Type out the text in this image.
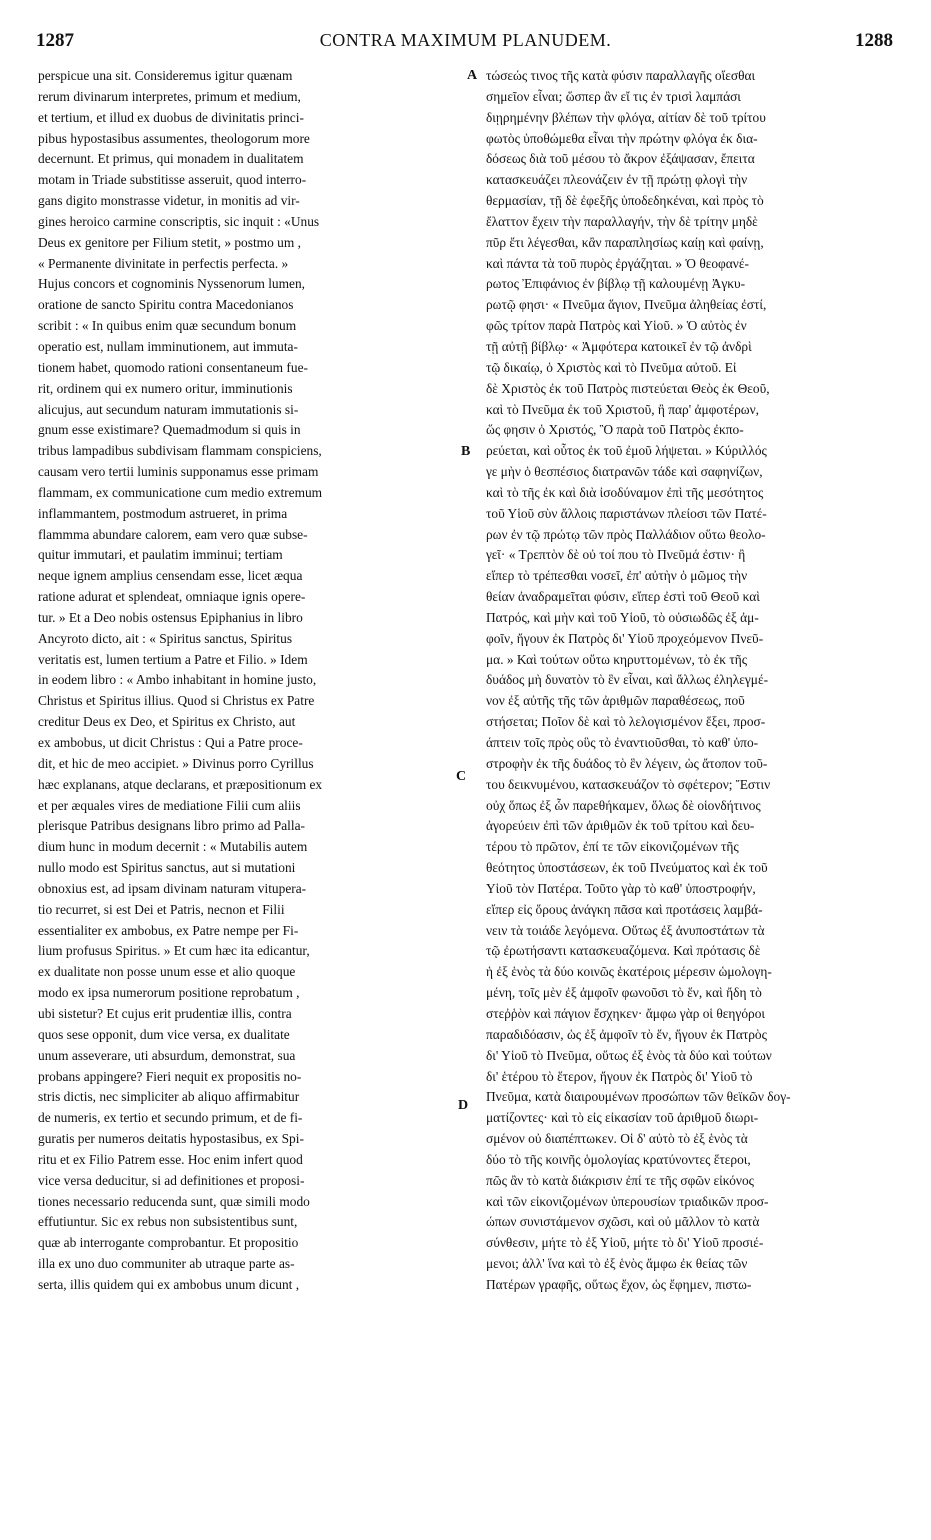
1287	CONTRA MAXIMUM PLANUDEM.	1288
A
B
C
D
perspicue una sit. Consideremus igitur quænam
rerum divinarum interpretes, primum et medium,
et tertium, et illud ex duobus de divinitatis princi-
pibus hypostasibus assumentes, theologorum more
decernunt. Et primus, qui monadem in dualitatem
motam in Triade substitisse asseruit, quod interro-
gans digito monstrasse videtur, in monitis ad vir-
gines heroico carmine conscriptis, sic inquit : «Unus
Deus ex genitore per Filium stetit, » postmo um ,
« Permanente divinitate in perfectis perfecta. »
Hujus concors et cognominis Nyssenorum lumen,
oratione de sancto Spiritu contra Macedonianos
scribit : « In quibus enim quæ secundum bonum
operatio est, nullam imminutionem, aut immuta-
tionem habet, quomodo rationi consentaneum fue-
rit, ordinem qui ex numero oritur, imminutionis
alicujus, aut secundum naturam immutationis si-
gnum esse existimare? Quemadmodum si quis in
tribus lampadibus subdivisam flammam conspiciens,
causam vero tertii luminis supponamus esse primam
flammam, ex communicatione cum medio extremum
inflammantem, postmodum astrueret, in prima
flammma abundare calorem, eam vero quæ subse-
quitur immutari, et paulatim imminui; tertiam
neque ignem amplius censendam esse, licet æqua
ratione adurat et splendeat, omniaque ignis opere-
tur. » Et a Deo nobis ostensus Epiphanius in libro
Ancyroto dicto, ait : « Spiritus sanctus, Spiritus
veritatis est, lumen tertium a Patre et Filio. » Idem
in eodem libro : « Ambo inhabitant in homine justo,
Christus et Spiritus illius. Quod si Christus ex Patre
creditur Deus ex Deo, et Spiritus ex Christo, aut
ex ambobus, ut dicit Christus : Qui a Patre proce-
dit, et hic de meo accipiet. » Divinus porro Cyrillus
hæc explanans, atque declarans, et præpositionum ex
et per æquales vires de mediatione Filii cum aliis
plerisque Patribus designans libro primo ad Palla-
dium hunc in modum decernit : « Mutabilis autem
nullo modo est Spiritus sanctus, aut si mutationi
obnoxius est, ad ipsam divinam naturam vitupera-
tio recurret, si est Dei et Patris, necnon et Filii
essentialiter ex ambobus, ex Patre nempe per Fi-
lium profusus Spiritus. » Et cum hæc ita edicantur,
ex dualitate non posse unum esse et alio quoque
modo ex ipsa numerorum positione reprobatum ,
ubi sistetur? Et cujus erit prudentiæ illis, contra
quos sese opponit, dum vice versa, ex dualitate
unum asseverare, uti absurdum, demonstrat, sua
probans appingere? Fieri nequit ex propositis no-
stris dictis, nec simpliciter ab aliquo affirmabitur
de numeris, ex tertio et secundo primum, et de fi-
guratis per numeros deitatis hypostasibus, ex Spi-
ritu et ex Filio Patrem esse. Hoc enim infert quod
vice versa deducitur, si ad definitiones et proposi-
tiones necessario reducenda sunt, quæ simili modo
effutiuntur. Sic ex rebus non subsistentibus sunt,
quæ ab interrogante comprobantur. Et propositio
illa ex uno duo communiter ab utraque parte as-
serta, illis quidem qui ex ambobus unum dicunt ,
τώσεώς τινος τῆς κατὰ φύσιν παραλλαγῆς οἴεσθαι
σημεῖον εἶναι; ὥσπερ ἂν εἴ τις ἐν τρισὶ λαμπάσι
διῃρημένην βλέπων τὴν φλόγα, αἰτίαν δὲ τοῦ τρίτου
φωτὸς ὑποθώμεθα εἶναι τὴν πρώτην φλόγα ἐκ δια-
δόσεως διὰ τοῦ μέσου τὸ ἄκρον ἐξάψασαν, ἔπειτα
κατασκευάζει πλεονάζειν ἐν τῇ πρώτῃ φλογὶ τὴν
θερμασίαν, τῇ δὲ ἐφεξῆς ὑποδεδηκέναι, καὶ πρὸς τὸ
ἔλαττον ἔχειν τὴν παραλλαγήν, τὴν δὲ τρίτην μηδὲ
πῦρ ἔτι λέγεσθαι, κἂν παραπλησίως καίῃ καὶ φαίνῃ,
καὶ πάντα τὰ τοῦ πυρὸς ἐργάζηται. » Ὁ θεοφανέ-
ρωτος Ἐπιφάνιος ἐν βίβλῳ τῇ καλουμένῃ Ἀγκυ-
ρωτῷ φησι· « Πνεῦμα ἅγιον, Πνεῦμα ἀληθείας ἐστί,
φῶς τρίτον παρὰ Πατρὸς καὶ Υἱοῦ. » Ὁ αὐτὸς ἐν
τῇ αὐτῇ βίβλῳ· « Ἀμφότερα κατοικεῖ ἐν τῷ ἀνδρὶ
τῷ δικαίῳ, ὁ Χριστὸς καὶ τὸ Πνεῦμα αὐτοῦ. Εἰ
δὲ Χριστὸς ἐκ τοῦ Πατρὸς πιστεύεται Θεὸς ἐκ Θεοῦ,
καὶ τὸ Πνεῦμα ἐκ τοῦ Χριστοῦ, ἢ παρ' ἀμφοτέρων,
ὥς φησιν ὁ Χριστός, Ὃ παρὰ τοῦ Πατρὸς ἐκπο-
ρεύεται, καὶ οὗτος ἐκ τοῦ ἐμοῦ λήψεται. » Κύριλλός
γε μὴν ὁ θεσπέσιος διατρανῶν τάδε καὶ σαφηνίζων,
καὶ τὸ τῆς ἐκ καὶ διὰ ἰσοδύναμον ἐπὶ τῆς μεσότητος
τοῦ Υἱοῦ σὺν ἄλλοις παριστάνων πλείοσι τῶν Πατέ-
ρων ἐν τῷ πρώτῳ τῶν πρὸς Παλλάδιον οὕτω θεολο-
γεῖ· « Τρεπτὸν δὲ οὐ τοί που τὸ Πνεῦμά ἐστιν· ἢ
εἴπερ τὸ τρέπεσθαι νοσεῖ, ἐπ' αὐτὴν ὁ μῶμος τὴν
θείαν ἀναδραμεῖται φύσιν, εἴπερ ἐστὶ τοῦ Θεοῦ καὶ
Πατρός, καὶ μὴν καὶ τοῦ Υἱοῦ, τὸ οὐσιωδῶς ἐξ ἀμ-
φοῖν, ἤγουν ἐκ Πατρὸς δι' Υἱοῦ προχεόμενον Πνεῦ-
μα. » Καὶ τούτων οὕτω κηρυττομένων, τὸ ἐκ τῆς
δυάδος μὴ δυνατὸν τὸ ἓν εἶναι, καὶ ἄλλως ἐληλεγμέ-
νον ἐξ αὐτῆς τῆς τῶν ἀριθμῶν παραθέσεως, ποῦ
στήσεται; Ποῖον δὲ καὶ τὸ λελογισμένον ἕξει, προσ-
άπτειν τοῖς πρὸς οὓς τὸ ἐναντιοῦσθαι, τὸ καθ' ὑπο-
στροφὴν ἐκ τῆς δυάδος τὸ ἓν λέγειν, ὡς ἄτοπον τοῦ-
του δεικνυμένου, κατασκευάζον τὸ σφέτερον; Ἔστιν
οὐχ ὅπως ἐξ ὧν παρεθήκαμεν, ὅλως δὲ οἱονδήτινος
ἀγορεύειν ἐπὶ τῶν ἀριθμῶν ἐκ τοῦ τρίτου καὶ δευ-
τέρου τὸ πρῶτον, ἐπί τε τῶν εἰκονιζομένων τῆς
θεότητος ὑποστάσεων, ἐκ τοῦ Πνεύματος καὶ ἐκ τοῦ
Υἱοῦ τὸν Πατέρα. Τοῦτο γὰρ τὸ καθ' ὑποστροφήν,
εἴπερ εἰς ὅρους ἀνάγκη πᾶσα καὶ προτάσεις λαμβά-
νειν τὰ τοιάδε λεγόμενα. Οὕτως ἐξ ἀνυποστάτων τὰ
τῷ ἐρωτήσαντι κατασκευαζόμενα. Καὶ πρότασις δὲ
ἡ ἐξ ἑνὸς τὰ δύο κοινῶς ἑκατέροις μέρεσιν ὡμολογη-
μένη, τοῖς μὲν ἐξ ἀμφοῖν φωνοῦσι τὸ ἕν, καὶ ἤδη τὸ
στεῤῥὸν καὶ πάγιον ἔσχηκεν· ἄμφω γὰρ οἱ θεηγόροι
παραδιδόασιν, ὡς ἐξ ἀμφοῖν τὸ ἕν, ἤγουν ἐκ Πατρὸς
δι' Υἱοῦ τὸ Πνεῦμα, οὕτως ἐξ ἑνὸς τὰ δύο καὶ τούτων
δι' ἑτέρου τὸ ἕτερον, ἤγουν ἐκ Πατρὸς δι' Υἱοῦ τὸ
Πνεῦμα, κατὰ διαιρουμένων προσώπων τῶν θεϊκῶν δογ-
ματίζοντες· καὶ τὸ εἰς εἰκασίαν τοῦ ἀριθμοῦ διωρι-
σμένον οὐ διαπέπτωκεν. Οἱ δ' αὐτὸ τὸ ἐξ ἑνὸς τὰ
δύο τὸ τῆς κοινῆς ὁμολογίας κρατύνοντες ἕτεροι,
πῶς ἂν τὸ κατὰ διάκρισιν ἐπί τε τῆς σφῶν εἰκόνος
καὶ τῶν εἰκονιζομένων ὑπερουσίων τριαδικῶν προσ-
ώπων συνιστάμενον σχῶσι, καὶ οὐ μᾶλλον τὸ κατὰ
σύνθεσιν, μήτε τὸ ἐξ Υἱοῦ, μήτε τὸ δι' Υἱοῦ προσιέ-
μενοι; ἀλλ' ἵνα καὶ τὸ ἐξ ἑνὸς ἄμφω ἐκ θείας τῶν
Πατέρων γραφῆς, οὕτως ἔχον, ὡς ἔφημεν, πιστω-
